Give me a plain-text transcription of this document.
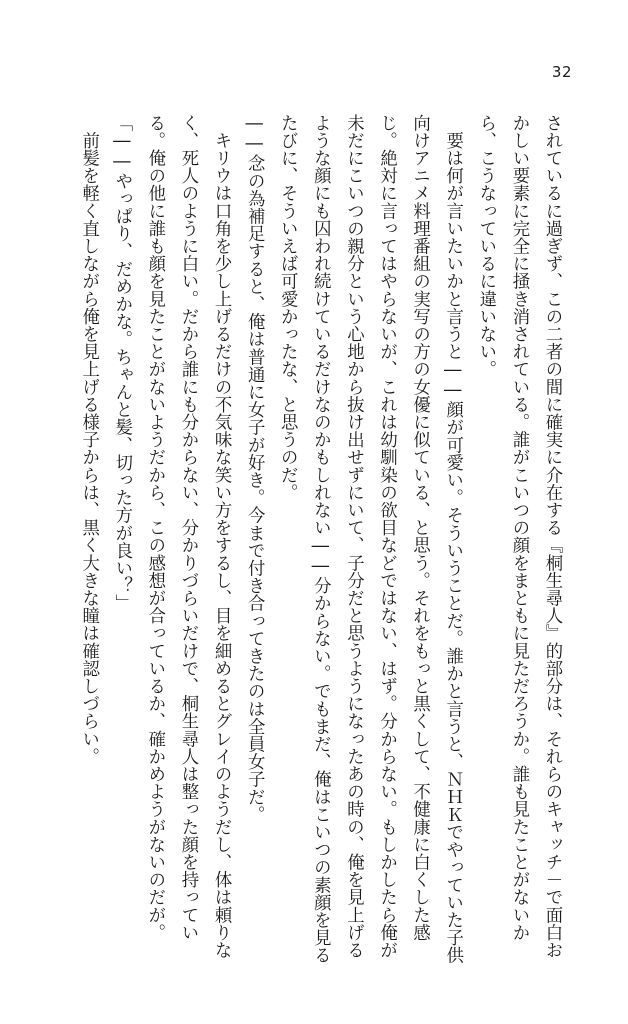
32

されているに過ぎず、この二者の間に確実に介在する『桐生尋人』的部分は、それらのキャッチ－で面白おかしい要素に完全に掻き消されている。誰がこいつの顔をまともに見ただろうか。誰も見たことがないから、こうなっているに違いない。

　要は何が言いたいかと言うと――顔が可愛い。そういうことだ。誰かと言うと、ＮＨＫでやっていた子供向けアニメ料理番組の実写の方の女優に似ている、と思う。それをもっと黒くして、不健康に白くした感じ。絶対に言ってはやらないが、これは幼馴染の欲目などではない、はず。分からない。もしかしたら俺が未だにこいつの親分という心地から抜け出せずにいて、子分だと思うようになったあの時の、俺を見上げるような顔にも囚われ続けているだけなのかもしれない――分からない。でもまだ、俺はこいつの素顔を見るたびに、そういえば可愛かったな、と思うのだ。

――念の為補足すると、俺は普通に女子が好き。今まで付き合ってきたのは全員女子だ。

　キリウは口角を少し上げるだけの不気味な笑い方をするし、目を細めるとグレイのようだし、体は頼りなく、死人のように白い。だから誰にも分からない、分かりづらいだけで、桐生尋人は整った顔を持っている。俺の他に誰も顔を見たことがないようだから、この感想が合っているか、確かめようがないのだが。

「――やっぱり、だめかな。ちゃんと髪、切った方が良い？」

　前髪を軽く直しながら俺を見上げる様子からは、黒く大きな瞳は確認しづらい。
